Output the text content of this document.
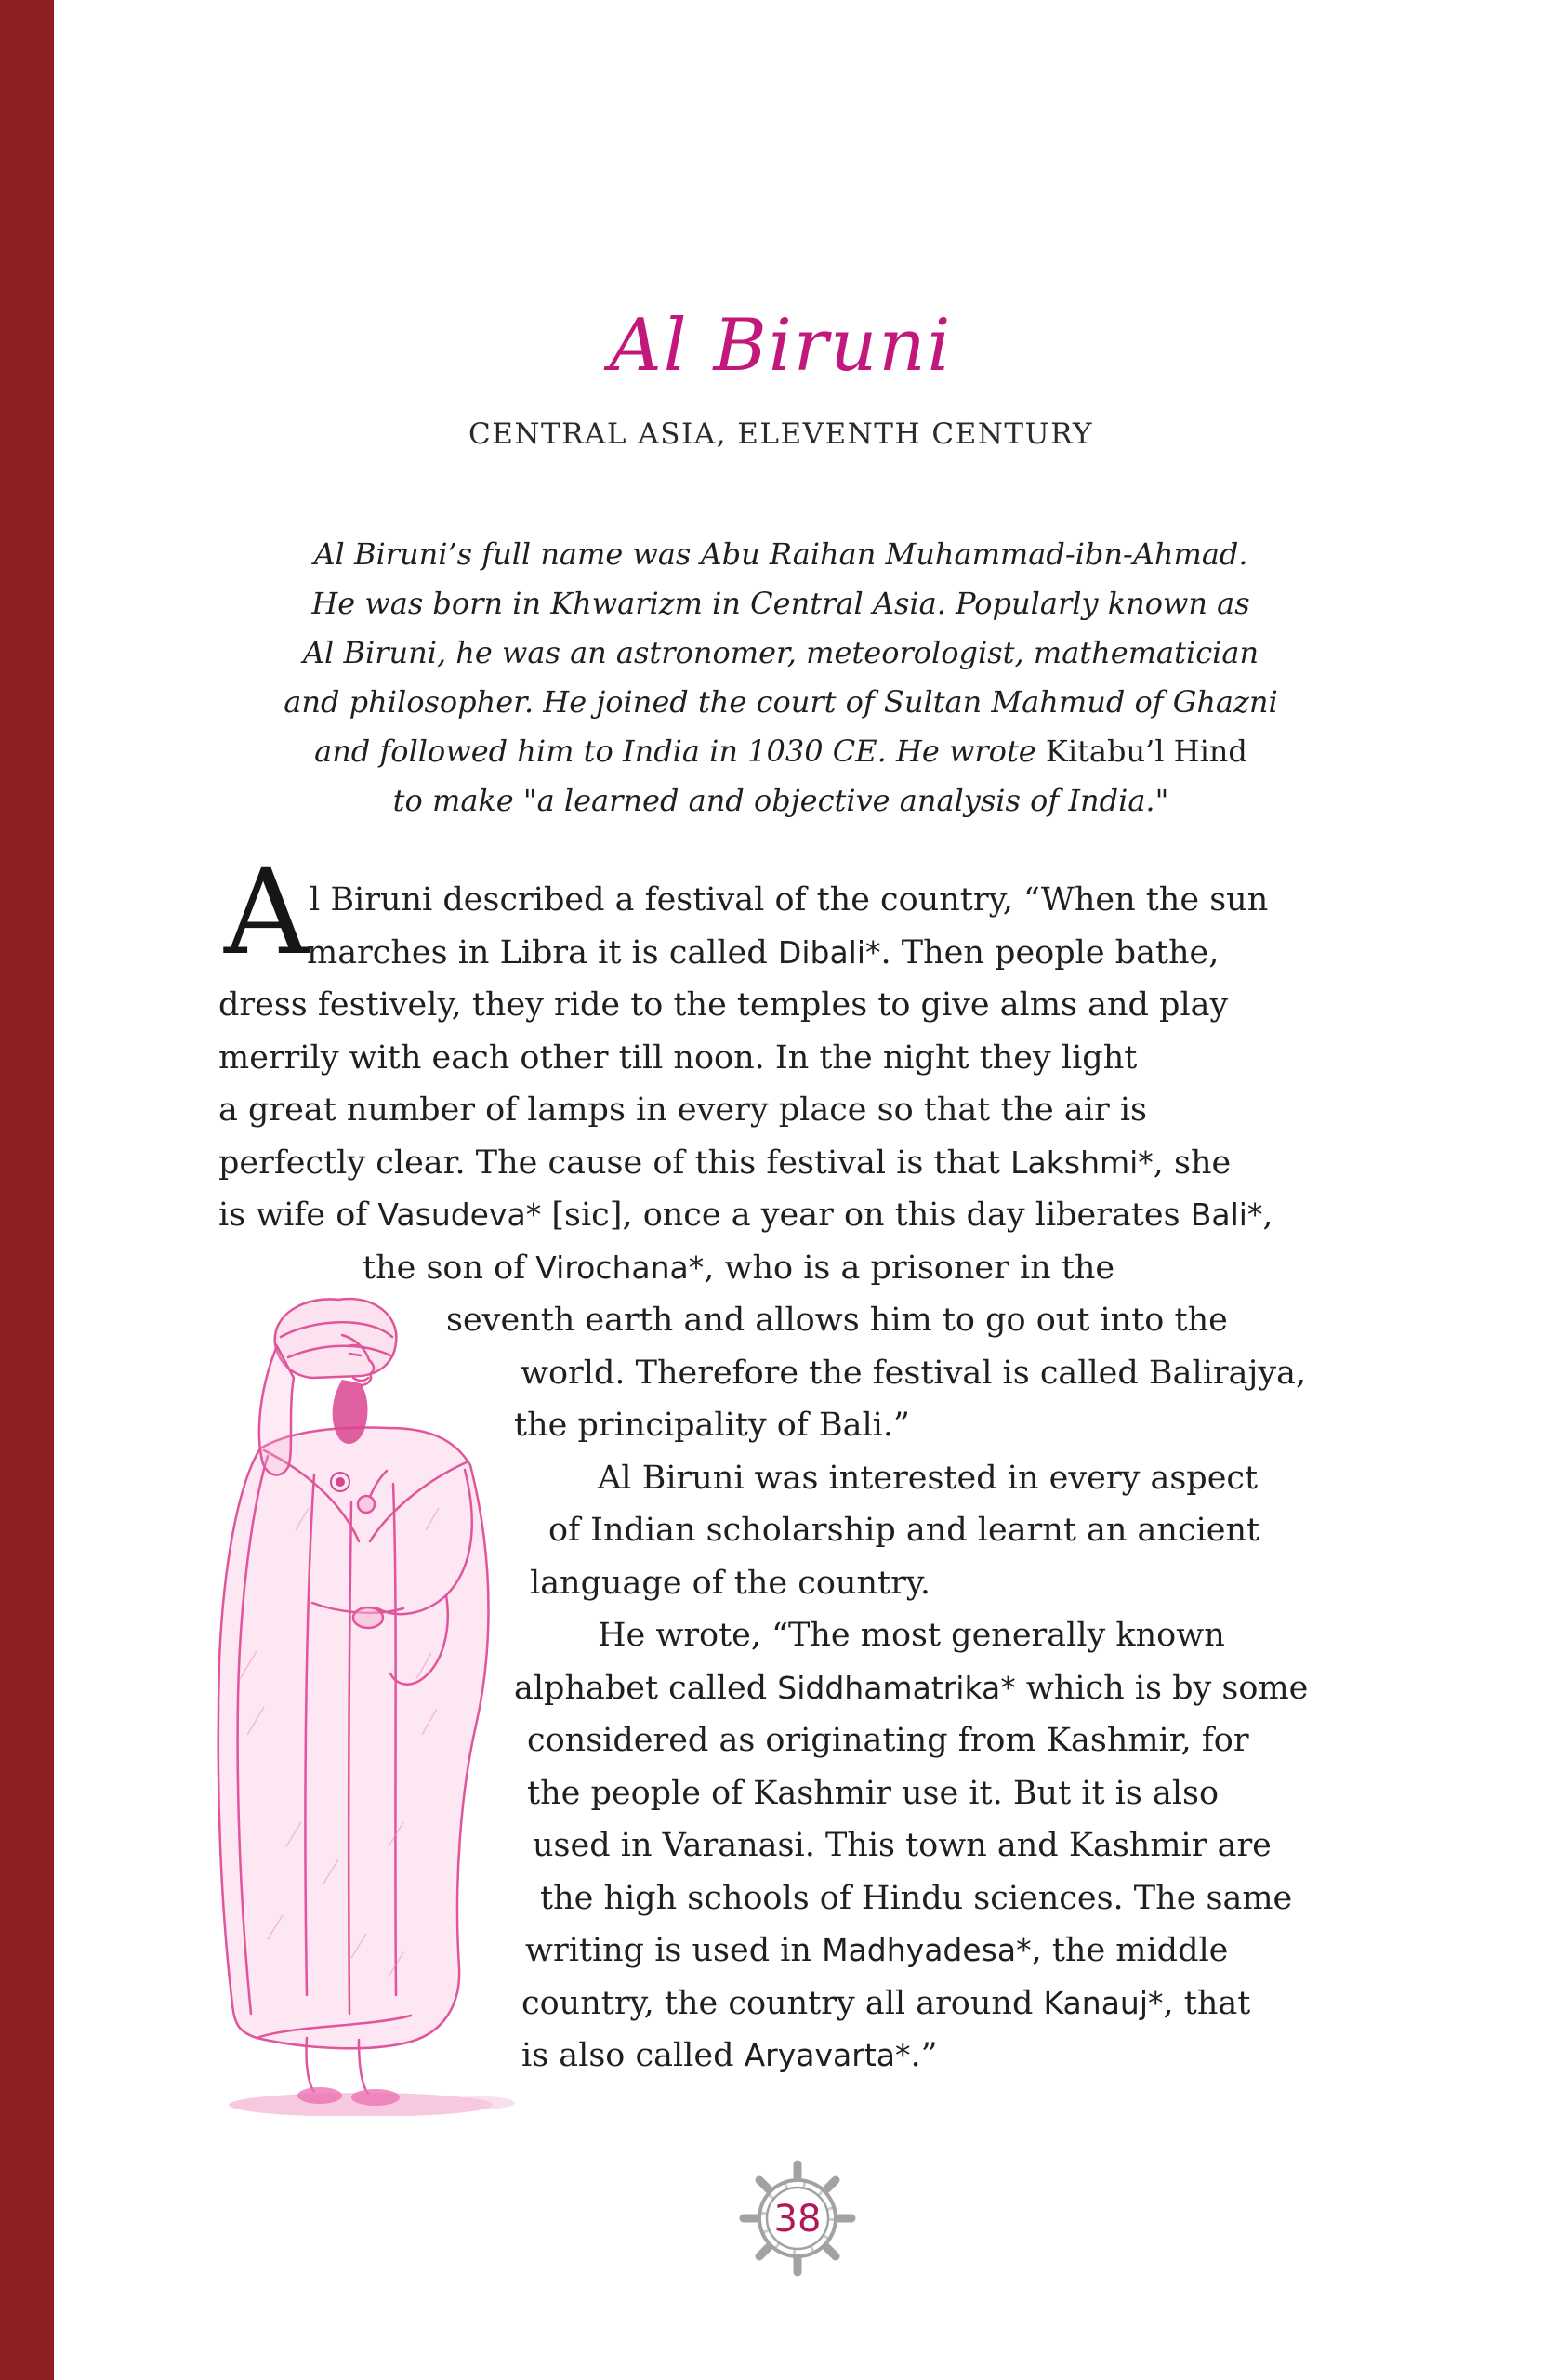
Al Biruni
CENTRAL ASIA, ELEVENTH CENTURY
Al Biruni’s full name was Abu Raihan Muhammad-ibn-Ahmad.
He was born in Khwarizm in Central Asia. Popularly known as
Al Biruni, he was an astronomer, meteorologist, mathematician
and philosopher. He joined the court of Sultan Mahmud of Ghazni
and followed him to India in 1030 CE. He wrote Kitabu’l Hind
to make "a learned and objective analysis of India."
A l Biruni described a festival of the country, “When the sun
marches in Libra it is called Dibali*. Then people bathe,
dress festively, they ride to the temples to give alms and play
merrily with each other till noon. In the night they light
a great number of lamps in every place so that the air is
perfectly clear. The cause of this festival is that Lakshmi*, she
is wife of Vasudeva* [sic], once a year on this day liberates Bali*,
the son of Virochana*, who is a prisoner in the
seventh earth and allows him to go out into the
world. Therefore the festival is called Balirajya,
the principality of Bali.”
Al Biruni was interested in every aspect
of Indian scholarship and learnt an ancient
language of the country.
He wrote, “The most generally known
alphabet called Siddhamatrika* which is by some
considered as originating from Kashmir, for
the people of Kashmir use it. But it is also
used in Varanasi. This town and Kashmir are
the high schools of Hindu sciences. The same
writing is used in Madhyadesa*, the middle
country, the country all around Kanauj*, that
is also called Aryavarta*.”
38
